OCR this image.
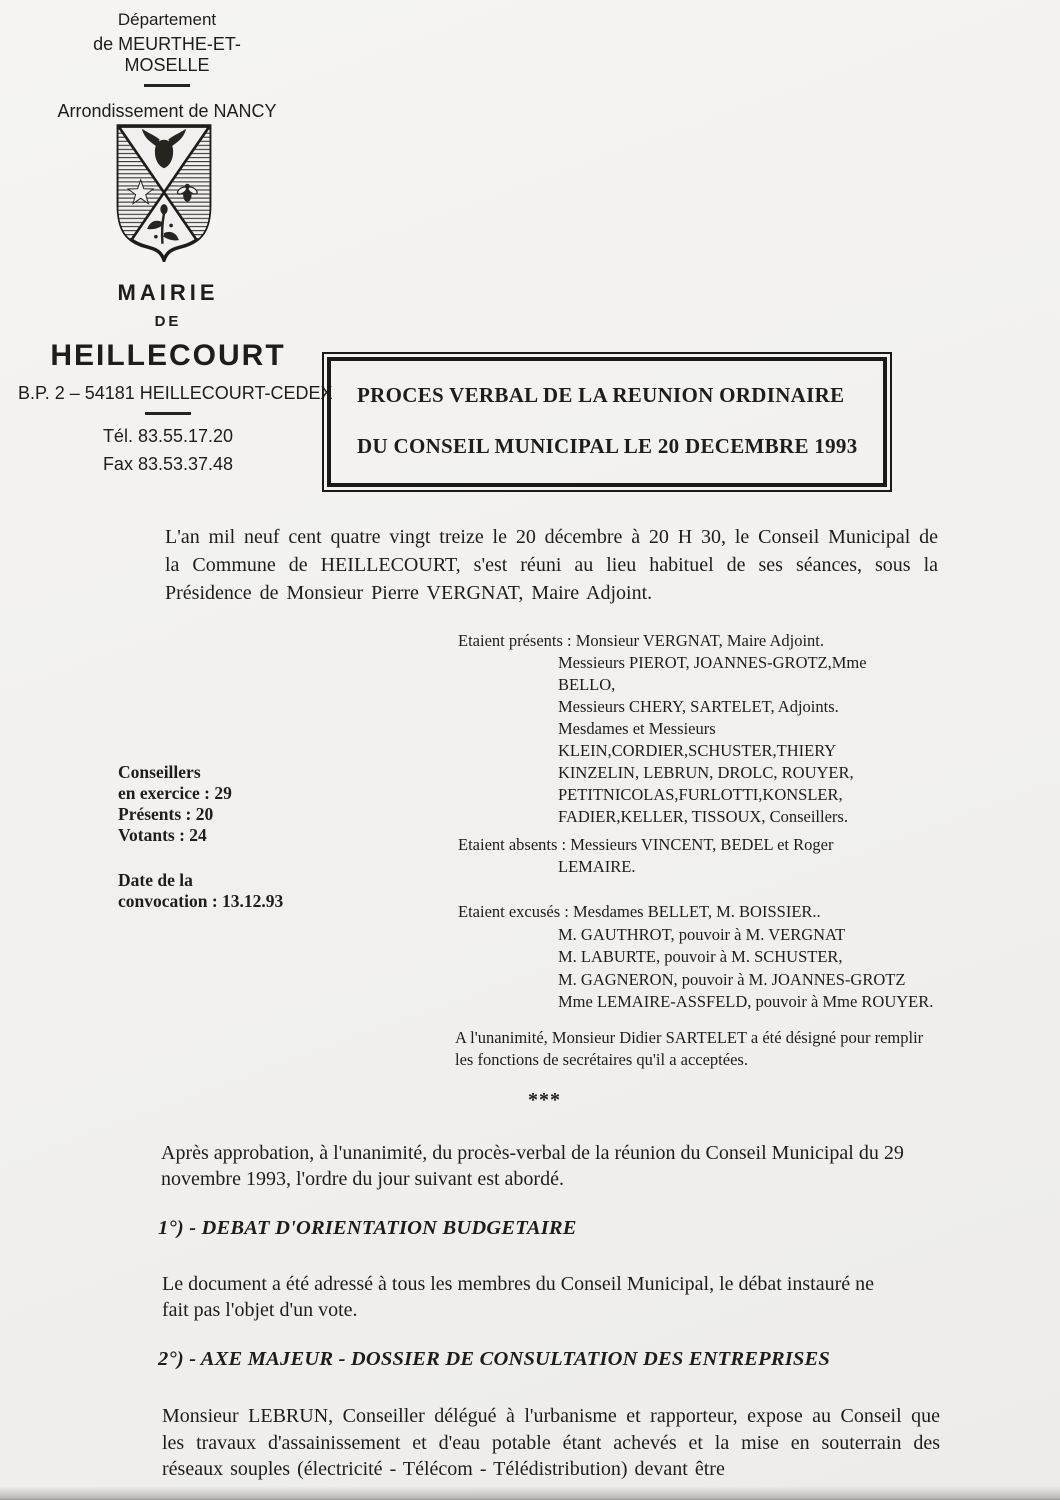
Département
de MEURTHE-ET-MOSELLE
Arrondissement de NANCY
MAIRIE
DE
HEILLECOURT
B.P. 2 – 54181 HEILLECOURT-CEDEX
Tél. 83.55.17.20
Fax 83.53.37.48
PROCES VERBAL DE LA REUNION ORDINAIRE
DU CONSEIL MUNICIPAL LE 20 DECEMBRE 1993

L'an mil neuf cent quatre vingt treize le 20 décembre à 20 H 30, le Conseil Municipal de la Commune de HEILLECOURT, s'est réuni au lieu habituel de ses séances, sous la Présidence de Monsieur Pierre VERGNAT, Maire Adjoint.

Conseillers
en exercice : 29
Présents : 20
Votants : 24
Date de la
convocation : 13.12.93
Etaient présents : Monsieur VERGNAT, Maire Adjoint.
Messieurs PIEROT, JOANNES-GROTZ,Mme
BELLO,
Messieurs CHERY, SARTELET, Adjoints.
Mesdames et Messieurs
KLEIN,CORDIER,SCHUSTER,THIERY
KINZELIN, LEBRUN, DROLC, ROUYER,
PETITNICOLAS,FURLOTTI,KONSLER,
FADIER,KELLER, TISSOUX, Conseillers.
Etaient absents : Messieurs VINCENT, BEDEL et Roger
LEMAIRE.
Etaient excusés : Mesdames BELLET, M. BOISSIER..
M. GAUTHROT, pouvoir à M. VERGNAT
M. LABURTE, pouvoir à M. SCHUSTER,
M. GAGNERON, pouvoir à M. JOANNES-GROTZ
Mme LEMAIRE-ASSFELD, pouvoir à Mme ROUYER.

A l'unanimité, Monsieur Didier SARTELET a été désigné pour remplir les fonctions de secrétaires qu'il a acceptées.

***

Après approbation, à l'unanimité, du procès-verbal de la réunion du Conseil Municipal du 29 novembre 1993, l'ordre du jour suivant est abordé.

1°) - DEBAT D'ORIENTATION BUDGETAIRE

Le document a été adressé à tous les membres du Conseil Municipal, le débat instauré ne fait pas l'objet d'un vote.

2°) - AXE MAJEUR - DOSSIER DE CONSULTATION DES ENTREPRISES

Monsieur LEBRUN, Conseiller délégué à l'urbanisme et rapporteur, expose au Conseil que les travaux d'assainissement et d'eau potable étant achevés et la mise en souterrain des réseaux souples (électricité - Télécom - Télédistribution) devant être
